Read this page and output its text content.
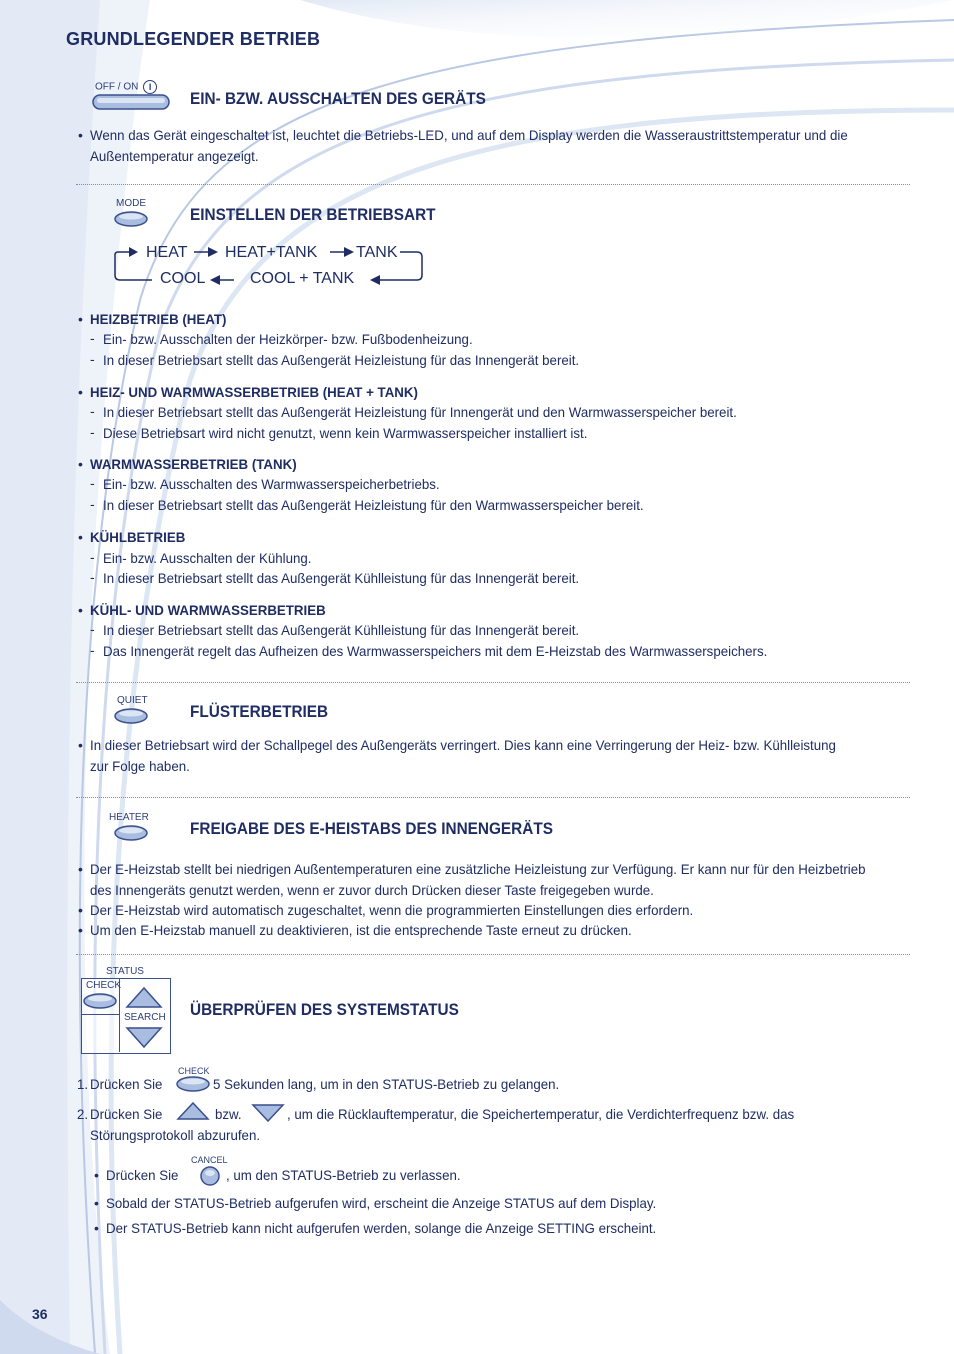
GRUNDLEGENDER BETRIEB
OFF / ON I
EIN- BZW. AUSSCHALTEN DES GERÄTS
• Wenn das Gerät eingeschaltet ist, leuchtet die Betriebs-LED, und auf dem Display werden die Wasseraustrittstemperatur und die Außentemperatur angezeigt.
MODE
EINSTELLEN DER BETRIEBSART
HEAT HEAT+TANK TANK
COOL	COOL + TANK
• HEIZBETRIEB (HEAT)
- Ein- bzw. Ausschalten der Heizkörper- bzw. Fußbodenheizung.
- In dieser Betriebsart stellt das Außengerät Heizleistung für das Innengerät bereit.
• HEIZ- UND WARMWASSERBETRIEB (HEAT + TANK)
- In dieser Betriebsart stellt das Außengerät Heizleistung für Innengerät und den Warmwasserspeicher bereit.
- Diese Betriebsart wird nicht genutzt, wenn kein Warmwasserspeicher installiert ist.
• WARMWASSERBETRIEB (TANK)
- Ein- bzw. Ausschalten des Warmwasserspeicherbetriebs.
- In dieser Betriebsart stellt das Außengerät Heizleistung für den Warmwasserspeicher bereit.
• KÜHLBETRIEB
- Ein- bzw. Ausschalten der Kühlung.
- In dieser Betriebsart stellt das Außengerät Kühlleistung für das Innengerät bereit.
• KÜHL- UND WARMWASSERBETRIEB
- In dieser Betriebsart stellt das Außengerät Kühlleistung für das Innengerät bereit.
- Das Innengerät regelt das Aufheizen des Warmwasserspeichers mit dem E-Heizstab des Warmwasserspeichers.
QUIET
FLÜSTERBETRIEB
• In dieser Betriebsart wird der Schallpegel des Außengeräts verringert. Dies kann eine Verringerung der Heiz- bzw. Kühlleistung zur Folge haben.
HEATER
FREIGABE DES E-HEISTABS DES INNENGERÄTS
• Der E-Heizstab stellt bei niedrigen Außentemperaturen eine zusätzliche Heizleistung zur Verfügung. Er kann nur für den Heizbetrieb des Innengeräts genutzt werden, wenn er zuvor durch Drücken dieser Taste freigegeben wurde.
• Der E-Heizstab wird automatisch zugeschaltet, wenn die programmierten Einstellungen dies erfordern.
• Um den E-Heizstab manuell zu deaktivieren, ist die entsprechende Taste erneut zu drücken.
STATUS
CHECK
SEARCH ÜBERPRÜFEN DES SYSTEMSTATUS
1. Drücken Sie
CHECK
5 Sekunden lang, um in den STATUS-Betrieb zu gelangen.
2. Drücken Sie	bzw.	, um die Rücklauftemperatur, die Speichertemperatur, die Verdichterfrequenz bzw. das
Störungsprotokoll abzurufen.
• Drücken Sie
CANCEL
, um den STATUS-Betrieb zu verlassen.
• Sobald der STATUS-Betrieb aufgerufen wird, erscheint die Anzeige STATUS auf dem Display.
• Der STATUS-Betrieb kann nicht aufgerufen werden, solange die Anzeige SETTING erscheint.
36
